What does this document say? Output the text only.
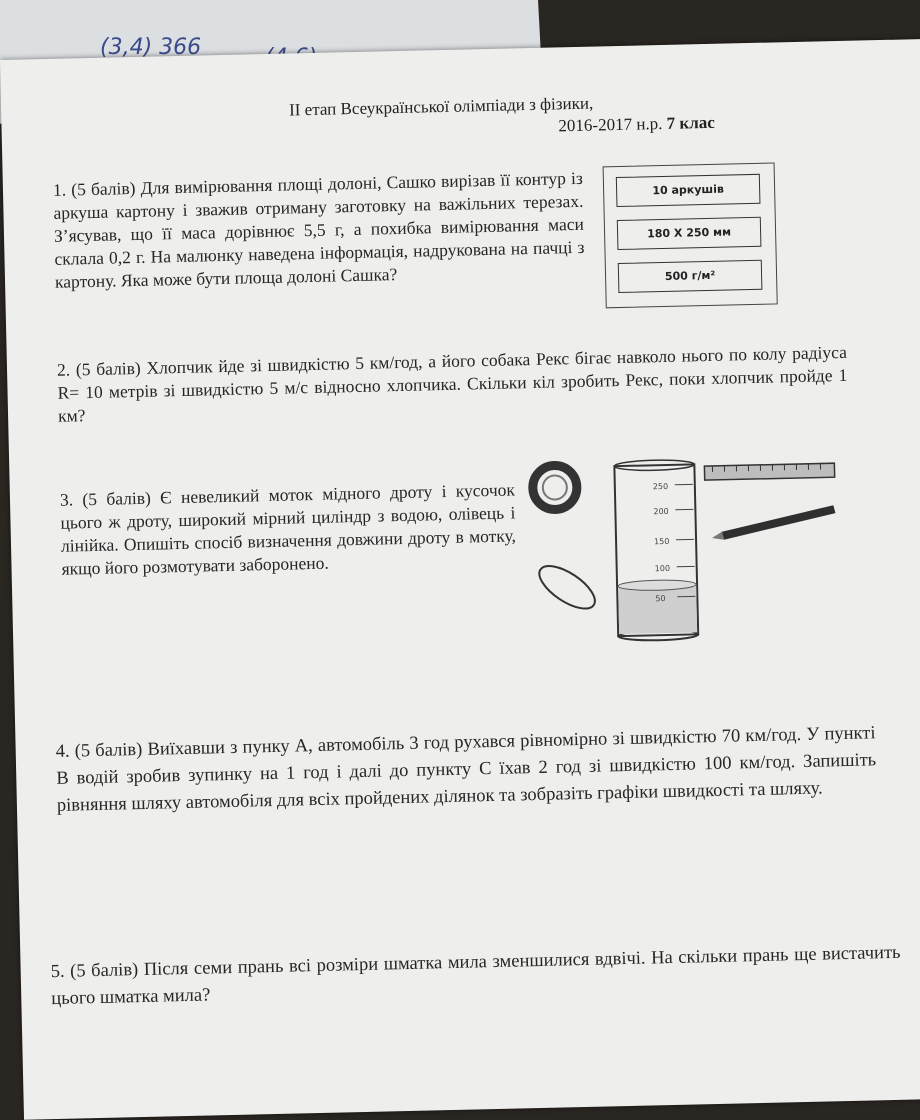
(3,4) 366
II етап Всеукраїнської олімпіади з фізики,
2016-2017 н.р. 7 клас
1. (5 балів) Для вимірювання площі долоні, Сашко вирізав її контур із аркуша картону і зважив отриману заготовку на важільних терезах. З’ясував, що її маса дорівнює 5,5 г, а похибка вимірювання маси склала 0,2 г. На малюнку наведена інформація, надрукована на пачці з картону. Яка може бути площа долоні Сашка?
10 аркушів
180 X 250 мм
500 г/м²
2. (5 балів) Хлопчик йде зі швидкістю 5 км/год, а його собака Рекс бігає навколо нього по колу радіуса R= 10 метрів зі швидкістю 5 м/с відносно хлопчика. Скільки кіл зробить Рекс, поки хлопчик пройде 1 км?
3. (5 балів) Є невеликий моток мідного дроту і кусочок цього ж дроту, широкий мірний циліндр з водою, олівець і лінійка. Опишіть спосіб визначення довжини дроту в мотку, якщо його розмотувати заборонено.
250
200
150
100
50
4. (5 балів) Виїхавши з пунку A, автомобіль 3 год рухався рівномірно зі швидкістю 70 км/год. У пункті B водій зробив зупинку на 1 год і далі до пункту C їхав 2 год зі швидкістю 100 км/год. Запишіть рівняння шляху автомобіля для всіх пройдених ділянок та зобразіть графіки швидкості та шляху.
5. (5 балів) Після семи прань всі розміри шматка мила зменшилися вдвічі. На скільки прань ще вистачить цього шматка мила?
